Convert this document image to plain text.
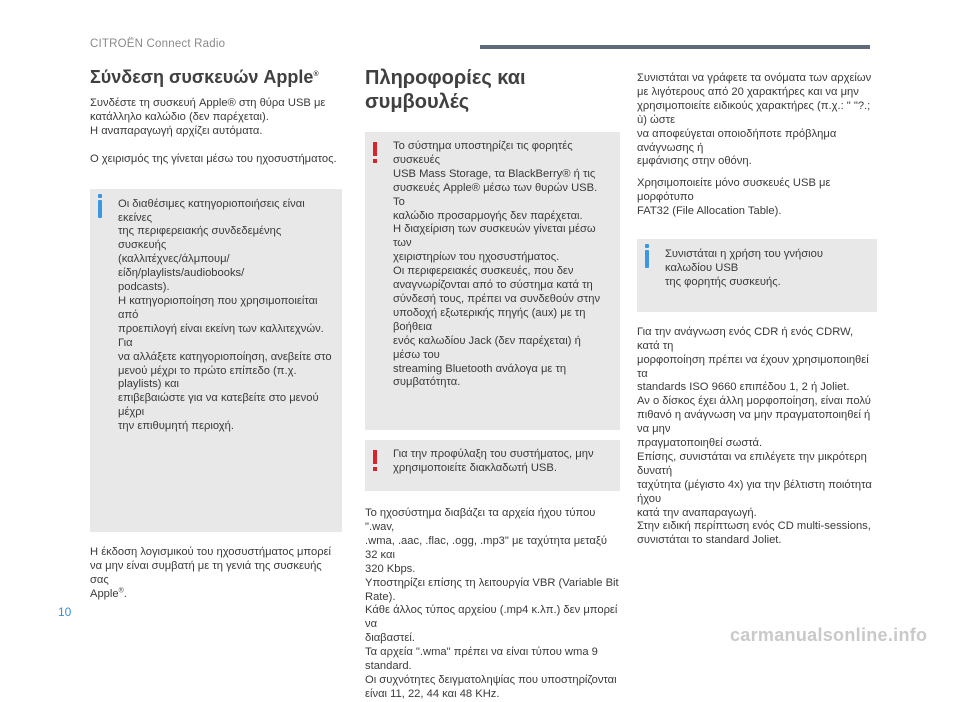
CITROËN Connect Radio
Σύνδεση συσκευών Apple®

Συνδέστε τη συσκευή Apple® στη θύρα USB με

κατάλληλο καλώδιο (δεν παρέχεται).

Η αναπαραγωγή αρχίζει αυτόματα.

Ο χειρισμός της γίνεται μέσω του ηχοσυστήματος.

Οι διαθέσιμες κατηγοριοποιήσεις είναι εκείνες

της περιφερειακής συνδεδεμένης συσκευής

(καλλιτέχνες/άλμπουμ/είδη/playlists/audiobooks/

podcasts).

Η κατηγοριοποίηση που χρησιμοποιείται από

προεπιλογή είναι εκείνη των καλλιτεχνών. Για

να αλλάξετε κατηγοριοποίηση, ανεβείτε στο

μενού μέχρι το πρώτο επίπεδο (π.χ. playlists) και

επιβεβαιώστε για να κατεβείτε στο μενού μέχρι

την επιθυμητή περιοχή.

Η έκδοση λογισμικού του ηχοσυστήματος μπορεί

να μην είναι συμβατή με τη γενιά της συσκευής σας

Apple®.

Πληροφορίες και συμβουλές

Το σύστημα υποστηρίζει τις φορητές συσκευές

USB Mass Storage, τα BlackBerry® ή τις

συσκευές Apple® μέσω των θυρών USB. Το

καλώδιο προσαρμογής δεν παρέχεται.

Η διαχείριση των συσκευών γίνεται μέσω των

χειριστηρίων του ηχοσυστήματος.

Οι περιφερειακές συσκευές, που δεν

αναγνωρίζονται από το σύστημα κατά τη

σύνδεσή τους, πρέπει να συνδεθούν στην

υποδοχή εξωτερικής πηγής (aux) με τη βοήθεια

ενός καλωδίου Jack (δεν παρέχεται) ή μέσω του

streaming Bluetooth ανάλογα με τη συμβατότητα.

Για την προφύλαξη του συστήματος, μην

χρησιμοποιείτε διακλαδωτή USB.

Το ηχοσύστημα διαβάζει τα αρχεία ήχου τύπου ".wav,

.wma, .aac, .flac, .ogg, .mp3" με ταχύτητα μεταξύ 32 και

320 Kbps.

Υποστηρίζει επίσης τη λειτουργία VBR (Variable Bit

Rate).

Κάθε άλλος τύπος αρχείου (.mp4 κ.λπ.) δεν μπορεί να

διαβαστεί.

Τα αρχεία ".wma" πρέπει να είναι τύπου wma 9

standard.

Οι συχνότητες δειγματοληψίας που υποστηρίζονται

είναι 11, 22, 44 και 48 KHz.

Συνιστάται να γράφετε τα ονόματα των αρχείων

με λιγότερους από 20 χαρακτήρες και να μην

χρησιμοποιείτε ειδικούς χαρακτήρες (π.χ.: " "?.; ù) ώστε

να αποφεύγεται οποιοδήποτε πρόβλημα ανάγνωσης ή

εμφάνισης στην οθόνη.

Χρησιμοποιείτε μόνο συσκευές USB με μορφότυπο

FAT32 (File Allocation Table).

Συνιστάται η χρήση του γνήσιου καλωδίου USB

της φορητής συσκευής.

Για την ανάγνωση ενός CDR ή ενός CDRW, κατά τη

μορφοποίηση πρέπει να έχουν χρησιμοποιηθεί τα

standards ISO 9660 επιπέδου 1, 2 ή Joliet.

Αν ο δίσκος έχει άλλη μορφοποίηση, είναι πολύ

πιθανό η ανάγνωση να μην πραγματοποιηθεί ή να μην

πραγματοποιηθεί σωστά.

Επίσης, συνιστάται να επιλέγετε την μικρότερη δυνατή

ταχύτητα (μέγιστο 4x) για την βέλτιστη ποιότητα ήχου

κατά την αναπαραγωγή.

Στην ειδική περίπτωση ενός CD multi-sessions,

συνιστάται το standard Joliet.

10
carmanualsonline.info
